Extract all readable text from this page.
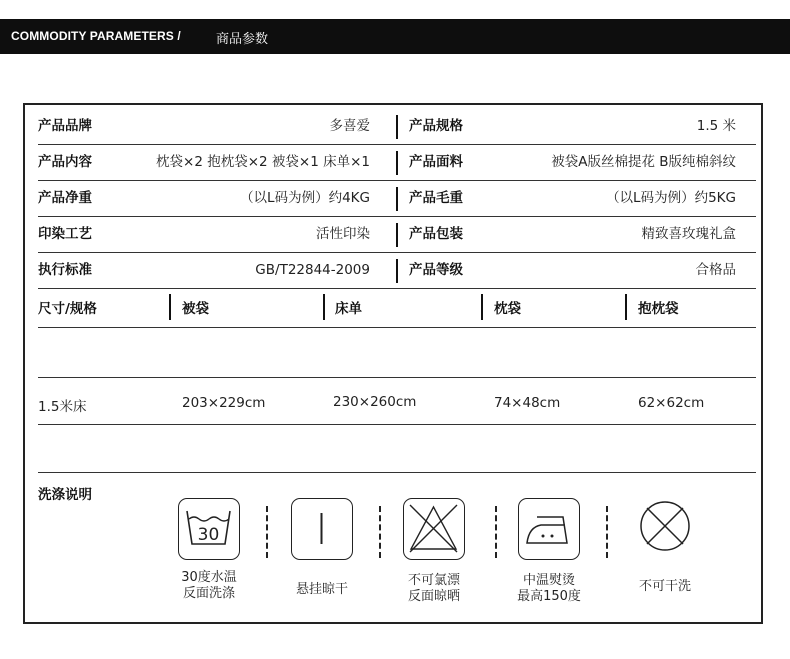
COMMODITY PARAMETERS /	商品参数
产品品牌	多喜爱	产品规格	1.5 米
产品内容	枕袋×2 抱枕袋×2 被袋×1 床单×1	产品面料	被袋A版丝棉提花 B版纯棉斜纹
产品净重	（以L码为例）约4KG	产品毛重	（以L码为例）约5KG
印染工艺	活性印染	产品包装	精致喜玫瑰礼盒
执行标准	GB/T22844-2009	产品等级	合格品
尺寸/规格	被袋	床单	枕袋	抱枕袋
1.5米床	203×229cm	230×260cm	74×48cm	62×62cm
洗涤说明
30
30度水温
反面洗涤	悬挂晾干
不可氯漂
反面晾晒
中温熨烫
最高150度
不可干洗
